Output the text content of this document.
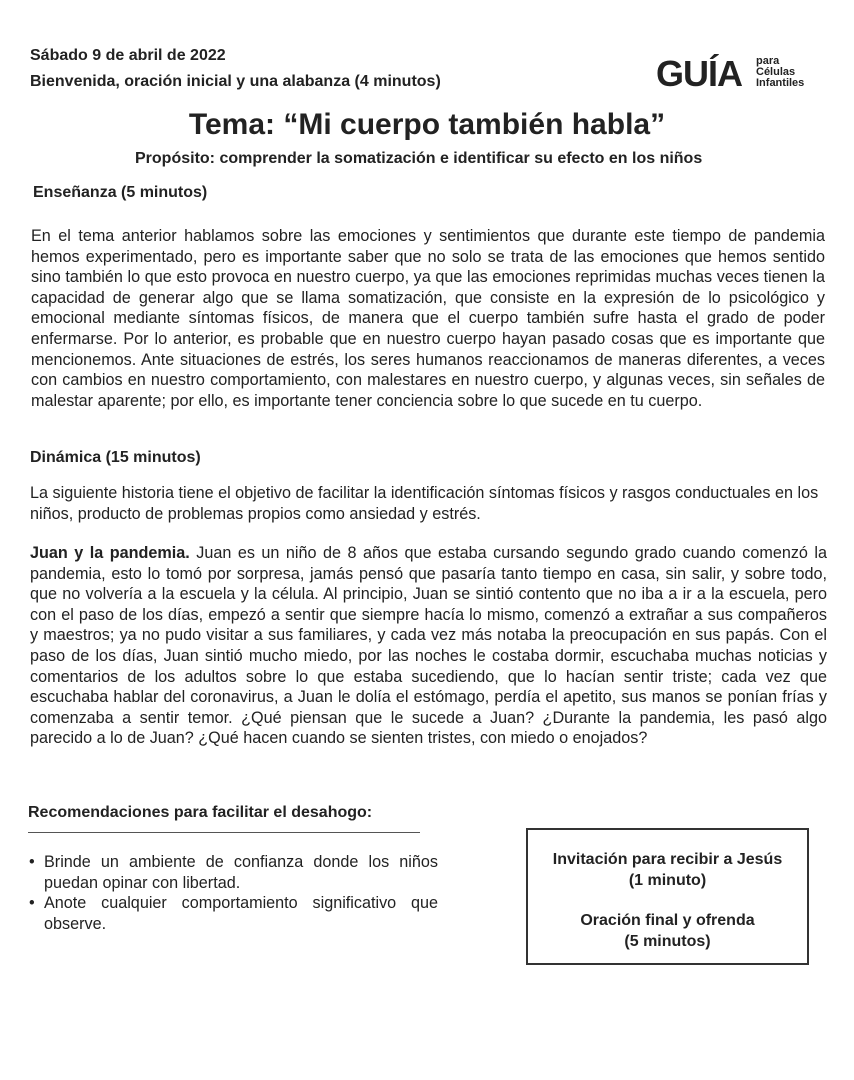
Sábado 9 de abril de 2022
Bienvenida, oración inicial y una alabanza (4 minutos)	GUÍA para
Células
Infantiles
Tema: “Mi cuerpo también habla”
Propósito: comprender la somatización e identificar su efecto en los niños
Enseñanza (5 minutos)
En el tema anterior hablamos sobre las emociones y sentimientos que durante este tiempo de pandemia hemos experimentado, pero es importante saber que no solo se trata de las emociones que hemos sentido sino también lo que esto provoca en nuestro cuerpo, ya que las emociones reprimidas muchas veces tienen la capacidad de generar algo que se llama somatización, que consiste en la expresión de lo psicológico y emocional mediante síntomas físicos, de manera que el cuerpo también sufre hasta el grado de poder enfermarse. Por lo anterior, es probable que en nuestro cuerpo hayan pasado cosas que es importante que mencionemos. Ante situaciones de estrés, los seres humanos reaccionamos de maneras diferentes, a veces con cambios en nuestro comportamiento, con malestares en nuestro cuerpo, y algunas veces, sin señales de malestar aparente; por ello, es importante tener conciencia sobre lo que sucede en tu cuerpo.
Dinámica (15 minutos)
La siguiente historia tiene el objetivo de facilitar la identificación síntomas físicos y rasgos conductuales en los niños, producto de problemas propios como ansiedad y estrés.
Juan y la pandemia. Juan es un niño de 8 años que estaba cursando segundo grado cuando comenzó la pandemia, esto lo tomó por sorpresa, jamás pensó que pasaría tanto tiempo en casa, sin salir, y sobre todo, que no volvería a la escuela y la célula. Al principio, Juan se sintió contento que no iba a ir a la escuela, pero con el paso de los días, empezó a sentir que siempre hacía lo mismo, comenzó a extrañar a sus compañeros y maestros; ya no pudo visitar a sus familiares, y cada vez más notaba la preocupación en sus papás. Con el paso de los días, Juan sintió mucho miedo, por las noches le costaba dormir, escuchaba muchas noticias y comentarios de los adultos sobre lo que estaba sucediendo, que lo hacían sentir triste; cada vez que escuchaba hablar del coronavirus, a Juan le dolía el estómago, perdía el apetito, sus manos se ponían frías y comenzaba a sentir temor. ¿Qué piensan que le sucede a Juan? ¿Durante la pandemia, les pasó algo parecido a lo de Juan? ¿Qué hacen cuando se sienten tristes, con miedo o enojados?
Recomendaciones para facilitar el desahogo:
• Brinde un ambiente de confianza donde los niños puedan opinar con libertad.
• Anote cualquier comportamiento significativo que observe.
Invitación para recibir a Jesús
(1 minuto)
Oración final y ofrenda
(5 minutos)
